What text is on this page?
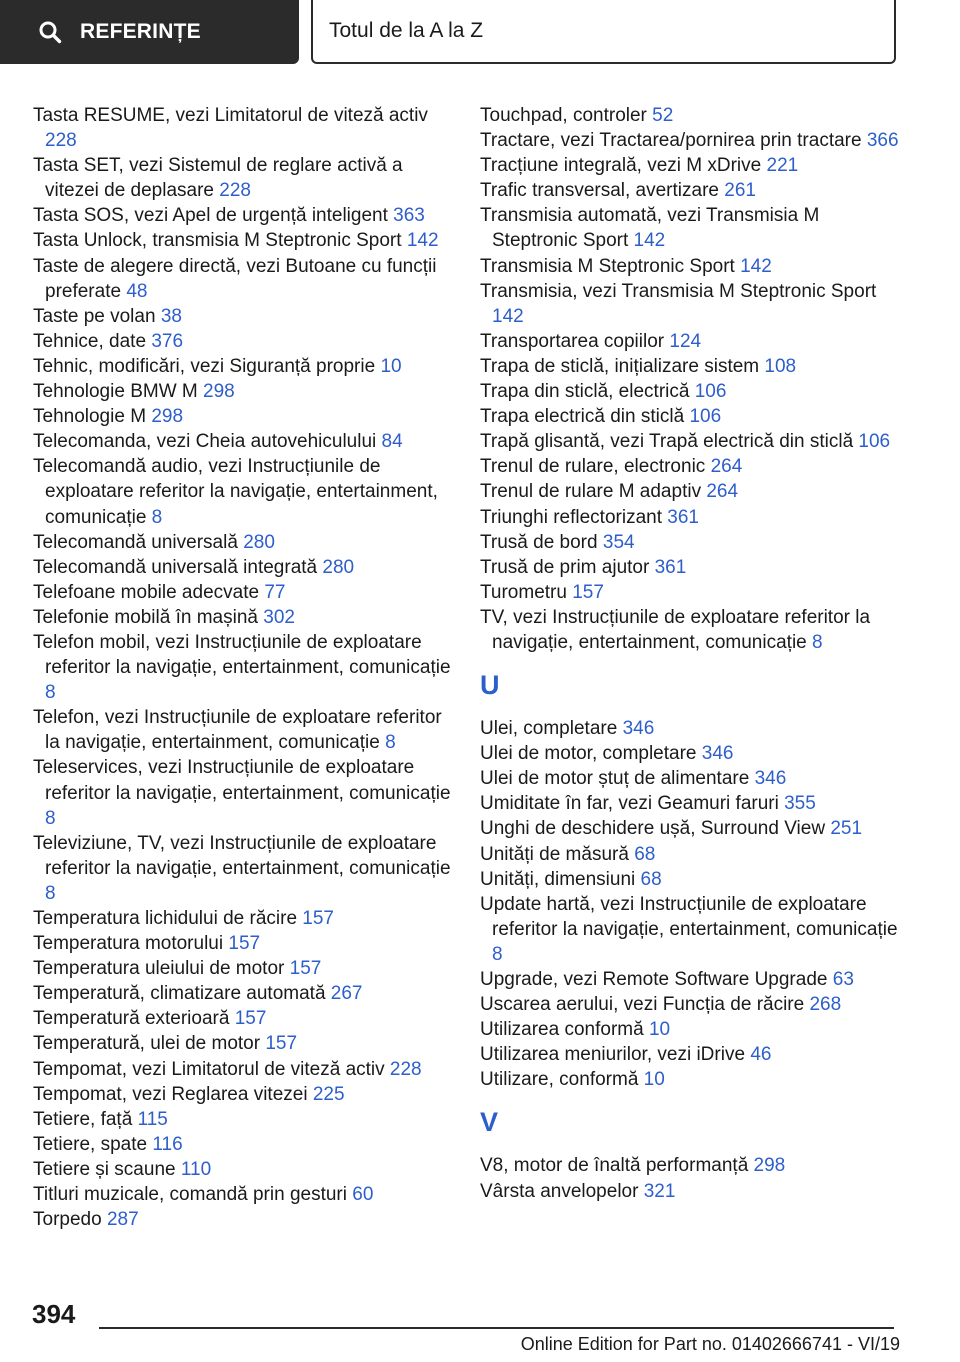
REFERINȚE	Totul de la A la Z
Tasta RESUME, vezi Limitatorul de viteză activ 228
Tasta SET, vezi Sistemul de reglare activă a vitezei de deplasare 228
Tasta SOS, vezi Apel de urgență inteligent 363
Tasta Unlock, transmisia M Steptronic Sport 142
Taste de alegere directă, vezi Butoane cu funcții preferate 48
Taste pe volan 38
Tehnice, date 376
Tehnic, modificări, vezi Siguranță proprie 10
Tehnologie BMW M 298
Tehnologie M 298
Telecomanda, vezi Cheia autovehiculului 84
Telecomandă audio, vezi Instrucțiunile de exploatare referitor la navigație, entertainment, comunicație 8
Telecomandă universală 280
Telecomandă universală integrată 280
Telefoane mobile adecvate 77
Telefonie mobilă în mașină 302
Telefon mobil, vezi Instrucțiunile de exploatare referitor la navigație, entertainment, comunicație 8
Telefon, vezi Instrucțiunile de exploatare referitor la navigație, entertainment, comunicație 8
Teleservices, vezi Instrucțiunile de exploatare referitor la navigație, entertainment, comunicație 8
Televiziune, TV, vezi Instrucțiunile de exploatare referitor la navigație, entertainment, comunicație 8
Temperatura lichidului de răcire 157
Temperatura motorului 157
Temperatura uleiului de motor 157
Temperatură, climatizare automată 267
Temperatură exterioară 157
Temperatură, ulei de motor 157
Tempomat, vezi Limitatorul de viteză activ 228
Tempomat, vezi Reglarea vitezei 225
Tetiere, față 115
Tetiere, spate 116
Tetiere și scaune 110
Titluri muzicale, comandă prin gesturi 60
Torpedo 287
Touchpad, controler 52
Tractare, vezi Tractarea/pornirea prin tractare 366
Tracțiune integrală, vezi M xDrive 221
Trafic transversal, avertizare 261
Transmisia automată, vezi Transmisia M Steptronic Sport 142
Transmisia M Steptronic Sport 142
Transmisia, vezi Transmisia M Steptronic Sport 142
Transportarea copiilor 124
Trapa de sticlă, inițializare sistem 108
Trapa din sticlă, electrică 106
Trapa electrică din sticlă 106
Trapă glisantă, vezi Trapă electrică din sticlă 106
Trenul de rulare, electronic 264
Trenul de rulare M adaptiv 264
Triunghi reflectorizant 361
Trusă de bord 354
Trusă de prim ajutor 361
Turometru 157
TV, vezi Instrucțiunile de exploatare referitor la navigație, entertainment, comunicație 8
U
Ulei, completare 346
Ulei de motor, completare 346
Ulei de motor ștuț de alimentare 346
Umiditate în far, vezi Geamuri faruri 355
Unghi de deschidere ușă, Surround View 251
Unități de măsură 68
Unități, dimensiuni 68
Update hartă, vezi Instrucțiunile de exploatare referitor la navigație, entertainment, comunicație 8
Upgrade, vezi Remote Software Upgrade 63
Uscarea aerului, vezi Funcția de răcire 268
Utilizarea conformă 10
Utilizarea meniurilor, vezi iDrive 46
Utilizare, conformă 10
V
V8, motor de înaltă performanță 298
Vârsta anvelopelor 321
394
Online Edition for Part no. 01402666741 - VI/19
